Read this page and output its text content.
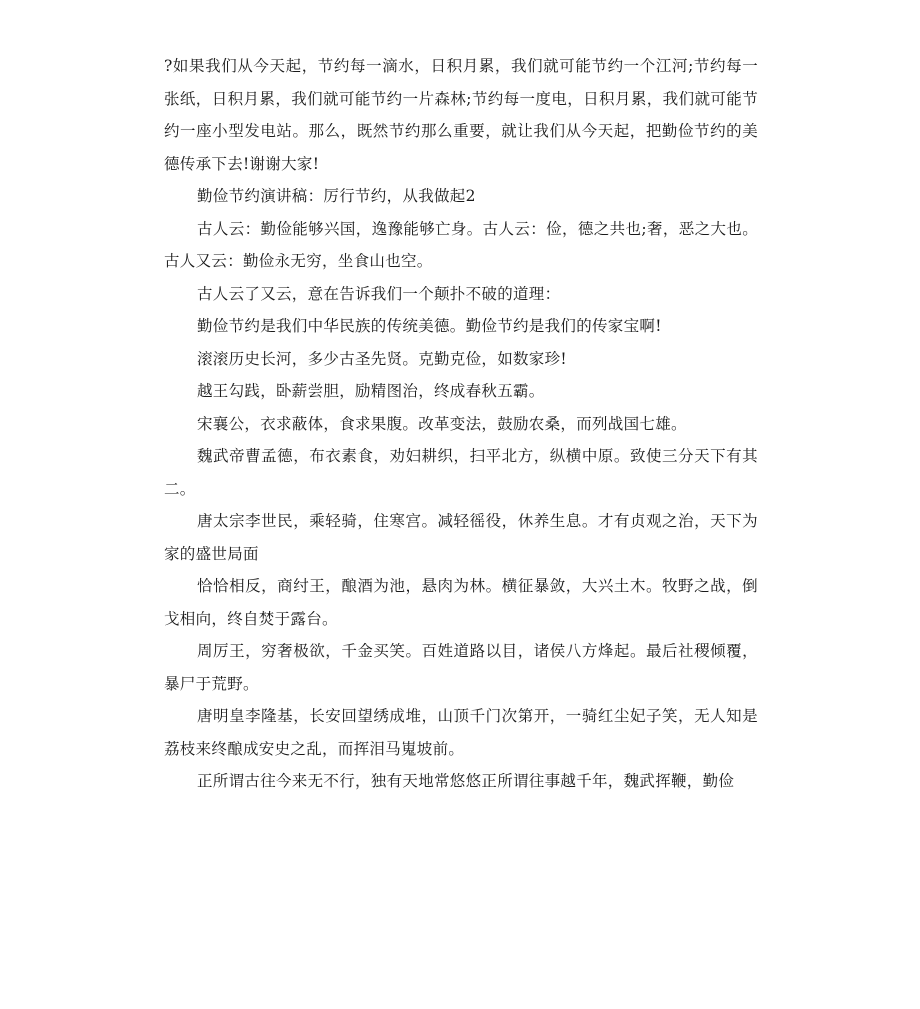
?如果我们从今天起，节约每一滴水，日积月累，我们就可能节约一个江河;节约每一张纸，日积月累，我们就可能节约一片森林;节约每一度电，日积月累，我们就可能节约一座小型发电站。那么，既然节约那么重要，就让我们从今天起，把勤俭节约的美德传承下去!谢谢大家!

勤俭节约演讲稿：厉行节约，从我做起2

古人云：勤俭能够兴国，逸豫能够亡身。古人云：俭，德之共也;奢，恶之大也。古人又云：勤俭永无穷，坐食山也空。

古人云了又云，意在告诉我们一个颠扑不破的道理：

勤俭节约是我们中华民族的传统美德。勤俭节约是我们的传家宝啊!

滚滚历史长河，多少古圣先贤。克勤克俭，如数家珍!

越王勾践，卧薪尝胆，励精图治，终成春秋五霸。

宋襄公，衣求蔽体，食求果腹。改革变法，鼓励农桑，而列战国七雄。

魏武帝曹孟德，布衣素食，劝妇耕织，扫平北方，纵横中原。致使三分天下有其二。

唐太宗李世民，乘轻骑，住寒宫。减轻徭役，休养生息。才有贞观之治，天下为家的盛世局面

恰恰相反，商纣王，酿酒为池，悬肉为林。横征暴敛，大兴土木。牧野之战，倒戈相向，终自焚于露台。

周厉王，穷奢极欲，千金买笑。百姓道路以目，诸侯八方烽起。最后社稷倾覆，暴尸于荒野。

唐明皇李隆基，长安回望绣成堆，山顶千门次第开，一骑红尘妃子笑，无人知是荔枝来终酿成安史之乱，而挥泪马嵬坡前。

正所谓古往今来无不行，独有天地常悠悠正所谓往事越千年，魏武挥鞭，勤俭
